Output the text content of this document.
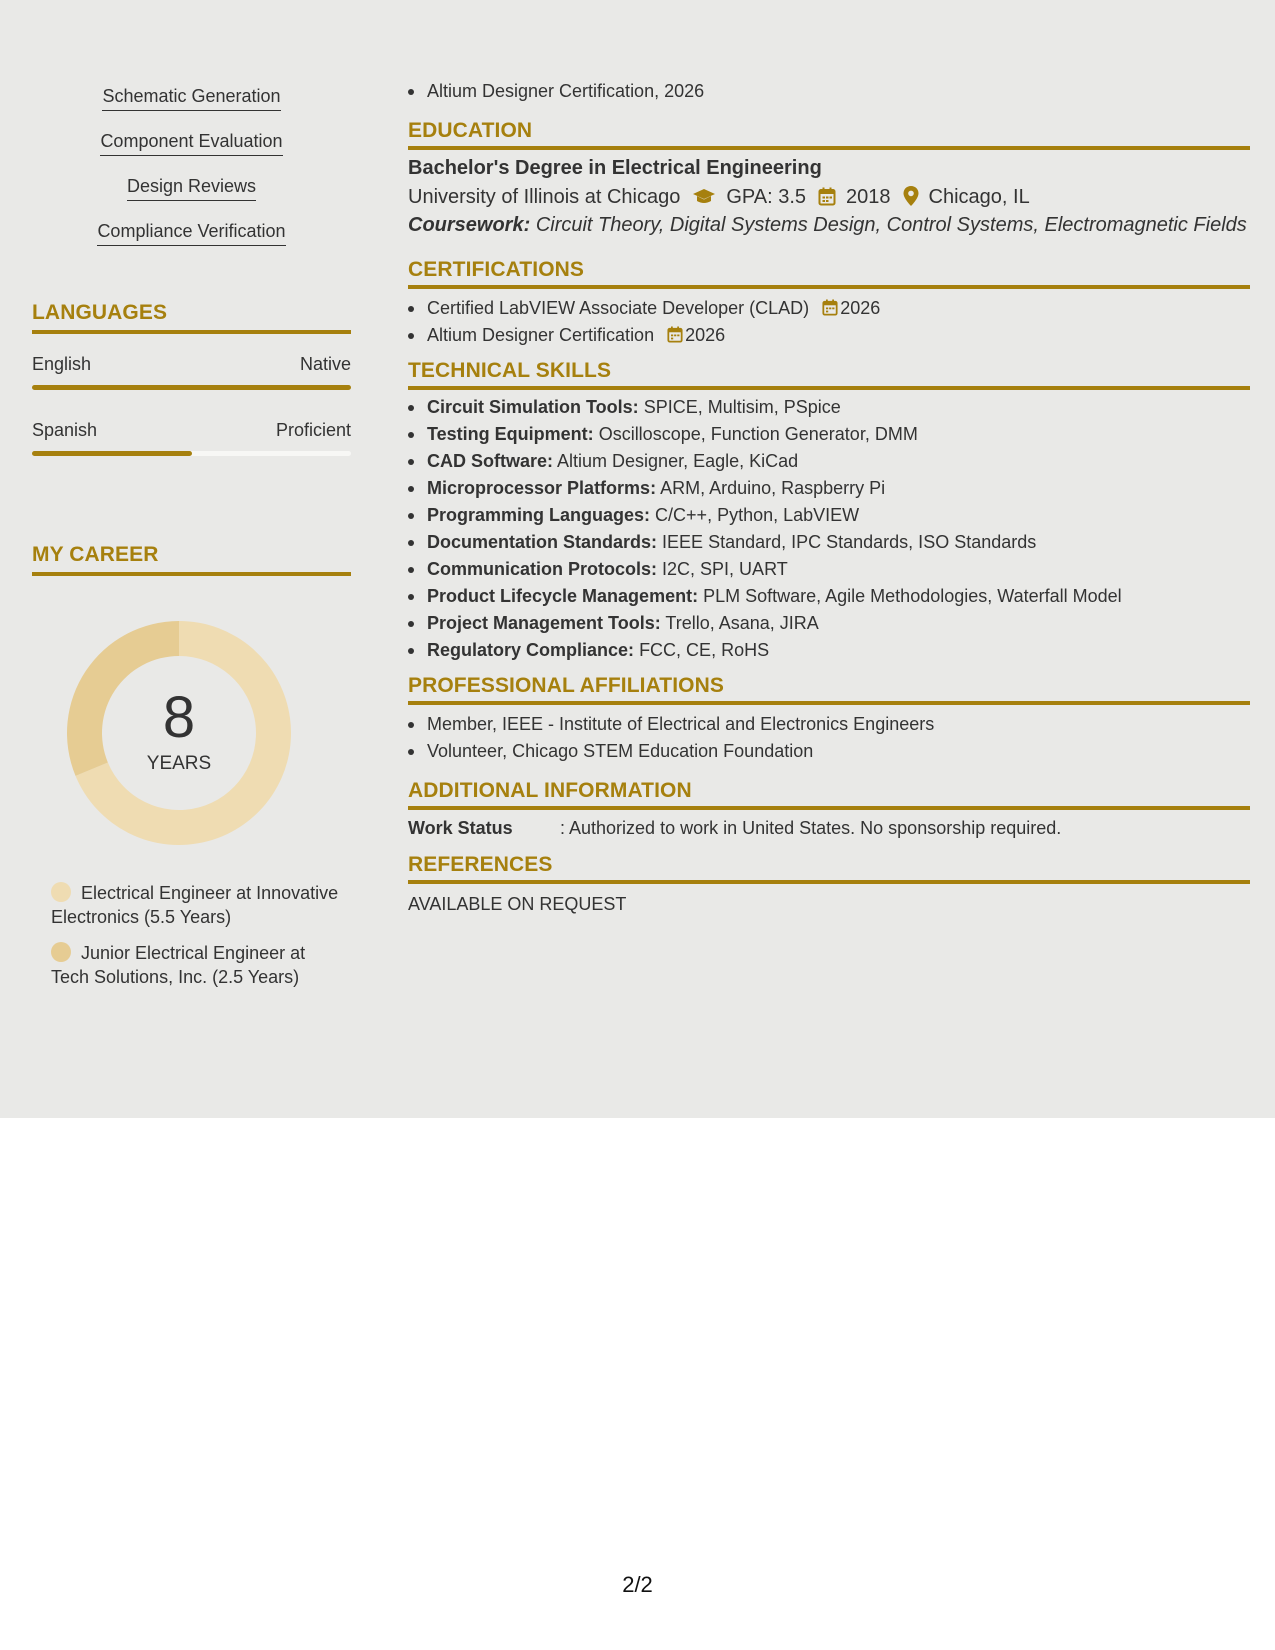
Schematic Generation
Component Evaluation
Design Reviews
Compliance Verification
LANGUAGES
English	Native
Spanish	Proficient
MY CAREER
8
YEARS
Electrical Engineer at Innovative Electronics (5.5 Years)
Junior Electrical Engineer at Tech Solutions, Inc. (2.5 Years)
Altium Designer Certification, 2026
EDUCATION
Bachelor's Degree in Electrical Engineering
University of Illinois at Chicago GPA: 3.5 2018 Chicago, IL
Coursework: Circuit Theory, Digital Systems Design, Control Systems, Electromagnetic Fields
CERTIFICATIONS
Certified LabVIEW Associate Developer (CLAD) 2026
Altium Designer Certification 2026
TECHNICAL SKILLS
Circuit Simulation Tools: SPICE, Multisim, PSpice
Testing Equipment: Oscilloscope, Function Generator, DMM
CAD Software: Altium Designer, Eagle, KiCad
Microprocessor Platforms: ARM, Arduino, Raspberry Pi
Programming Languages: C/C++, Python, LabVIEW
Documentation Standards: IEEE Standard, IPC Standards, ISO Standards
Communication Protocols: I2C, SPI, UART
Product Lifecycle Management: PLM Software, Agile Methodologies, Waterfall Model
Project Management Tools: Trello, Asana, JIRA
Regulatory Compliance: FCC, CE, RoHS
PROFESSIONAL AFFILIATIONS
Member, IEEE - Institute of Electrical and Electronics Engineers
Volunteer, Chicago STEM Education Foundation
ADDITIONAL INFORMATION
Work Status	: Authorized to work in United States. No sponsorship required.
REFERENCES
AVAILABLE ON REQUEST
2/2
